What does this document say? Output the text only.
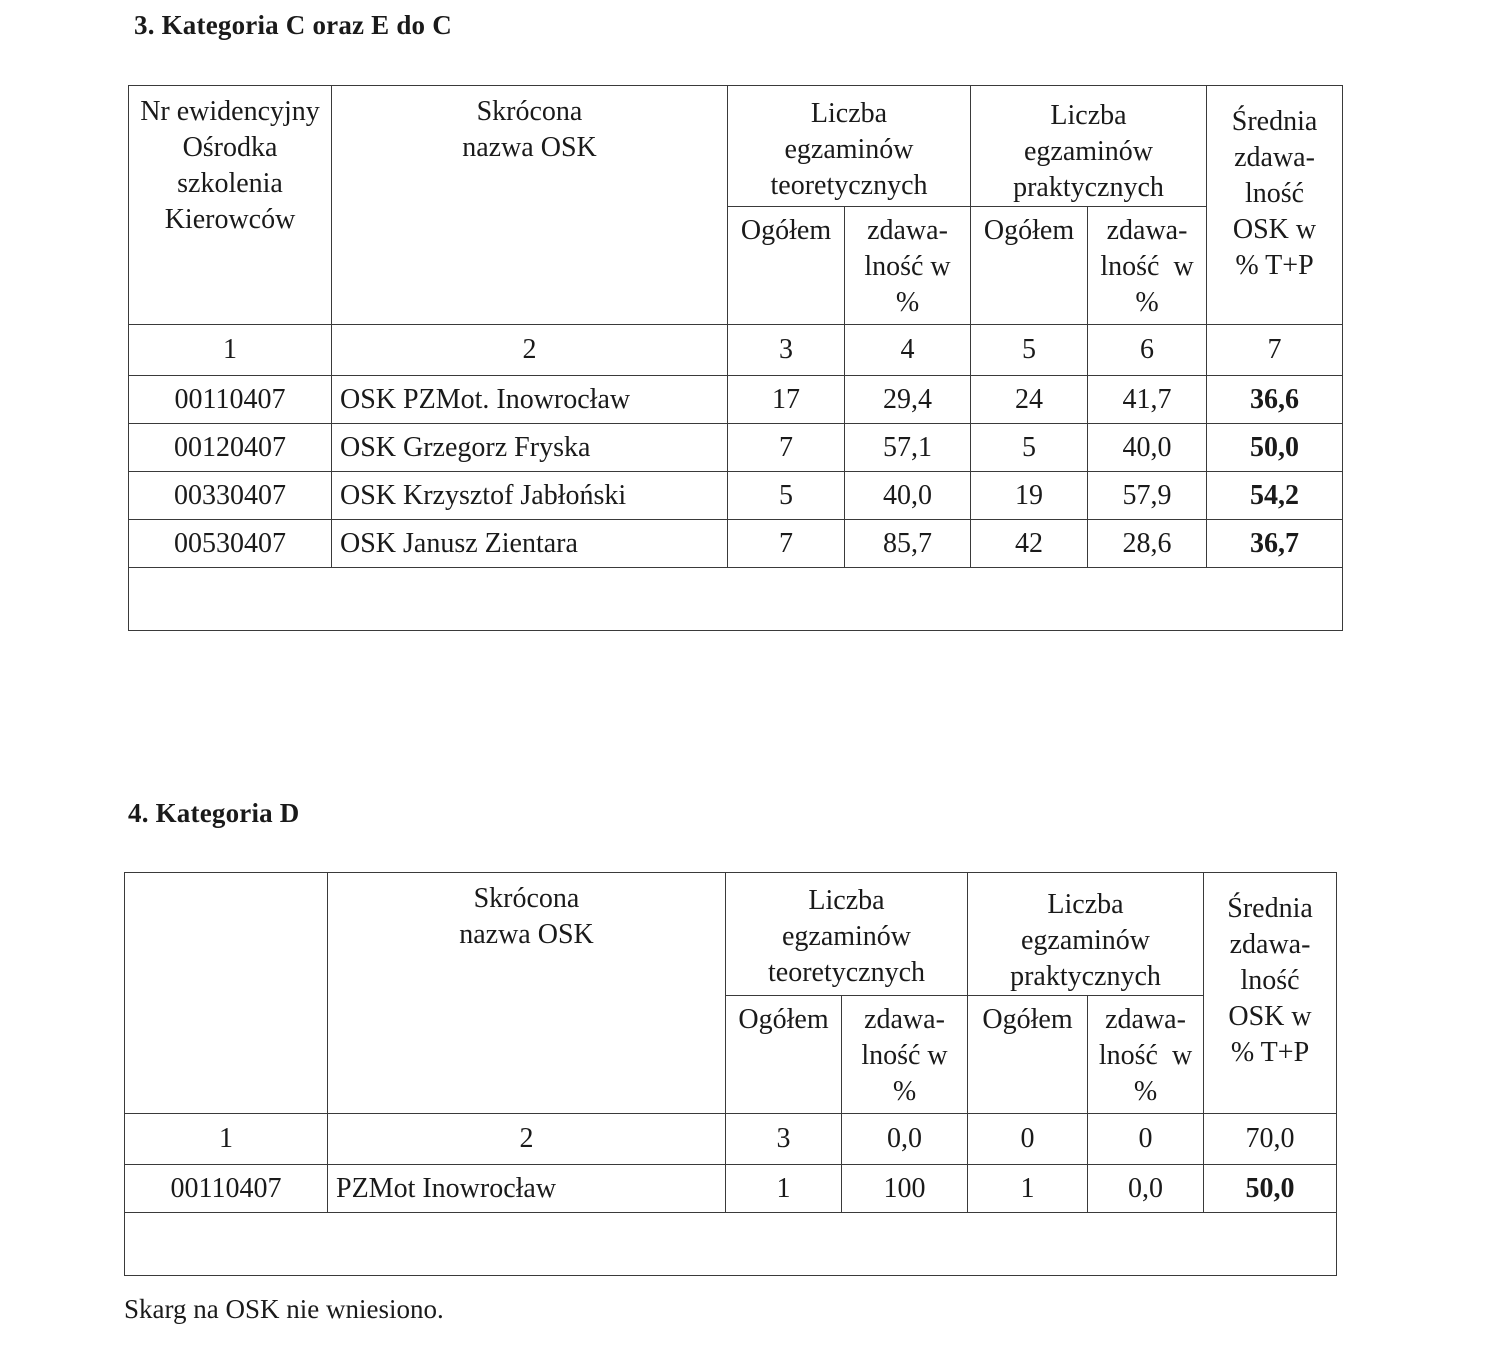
3. Kategoria C oraz E do C
Nr ewidencyjny
Ośrodka
szkolenia
Kierowców	Skrócona
nazwa OSK	Liczba
egzaminów
teoretycznych		Liczba
egzaminów
praktycznych		Średnia
zdawa-
lność
OSK w
% T+P

		Ogółem	zdawa-
lność w
%	Ogółem	zdawa-
lność  w
%	

1	2	3	4	5	6	7
00110407	OSK PZMot. Inowrocław	17	29,4	24	41,7	36,6
00120407	OSK Grzegorz Fryska	7	57,1	5	40,0	50,0
00330407	OSK Krzysztof Jabłoński	5	40,0	19	57,9	54,2
00530407	OSK Janusz Zientara	7	85,7	42	28,6	36,7

4. Kategoria D

	Skrócona
nazwa OSK	Liczba
egzaminów
teoretycznych		Liczba
egzaminów
praktycznych		Średnia
zdawa-
lność
OSK w
% T+P

		Ogółem	zdawa-
lność w
%	Ogółem	zdawa-
lność  w
%	

1	2	3	0,0	0	0	70,0
00110407	PZMot Inowrocław	1	100	1	0,0	50,0

Skarg na OSK nie wniesiono.
